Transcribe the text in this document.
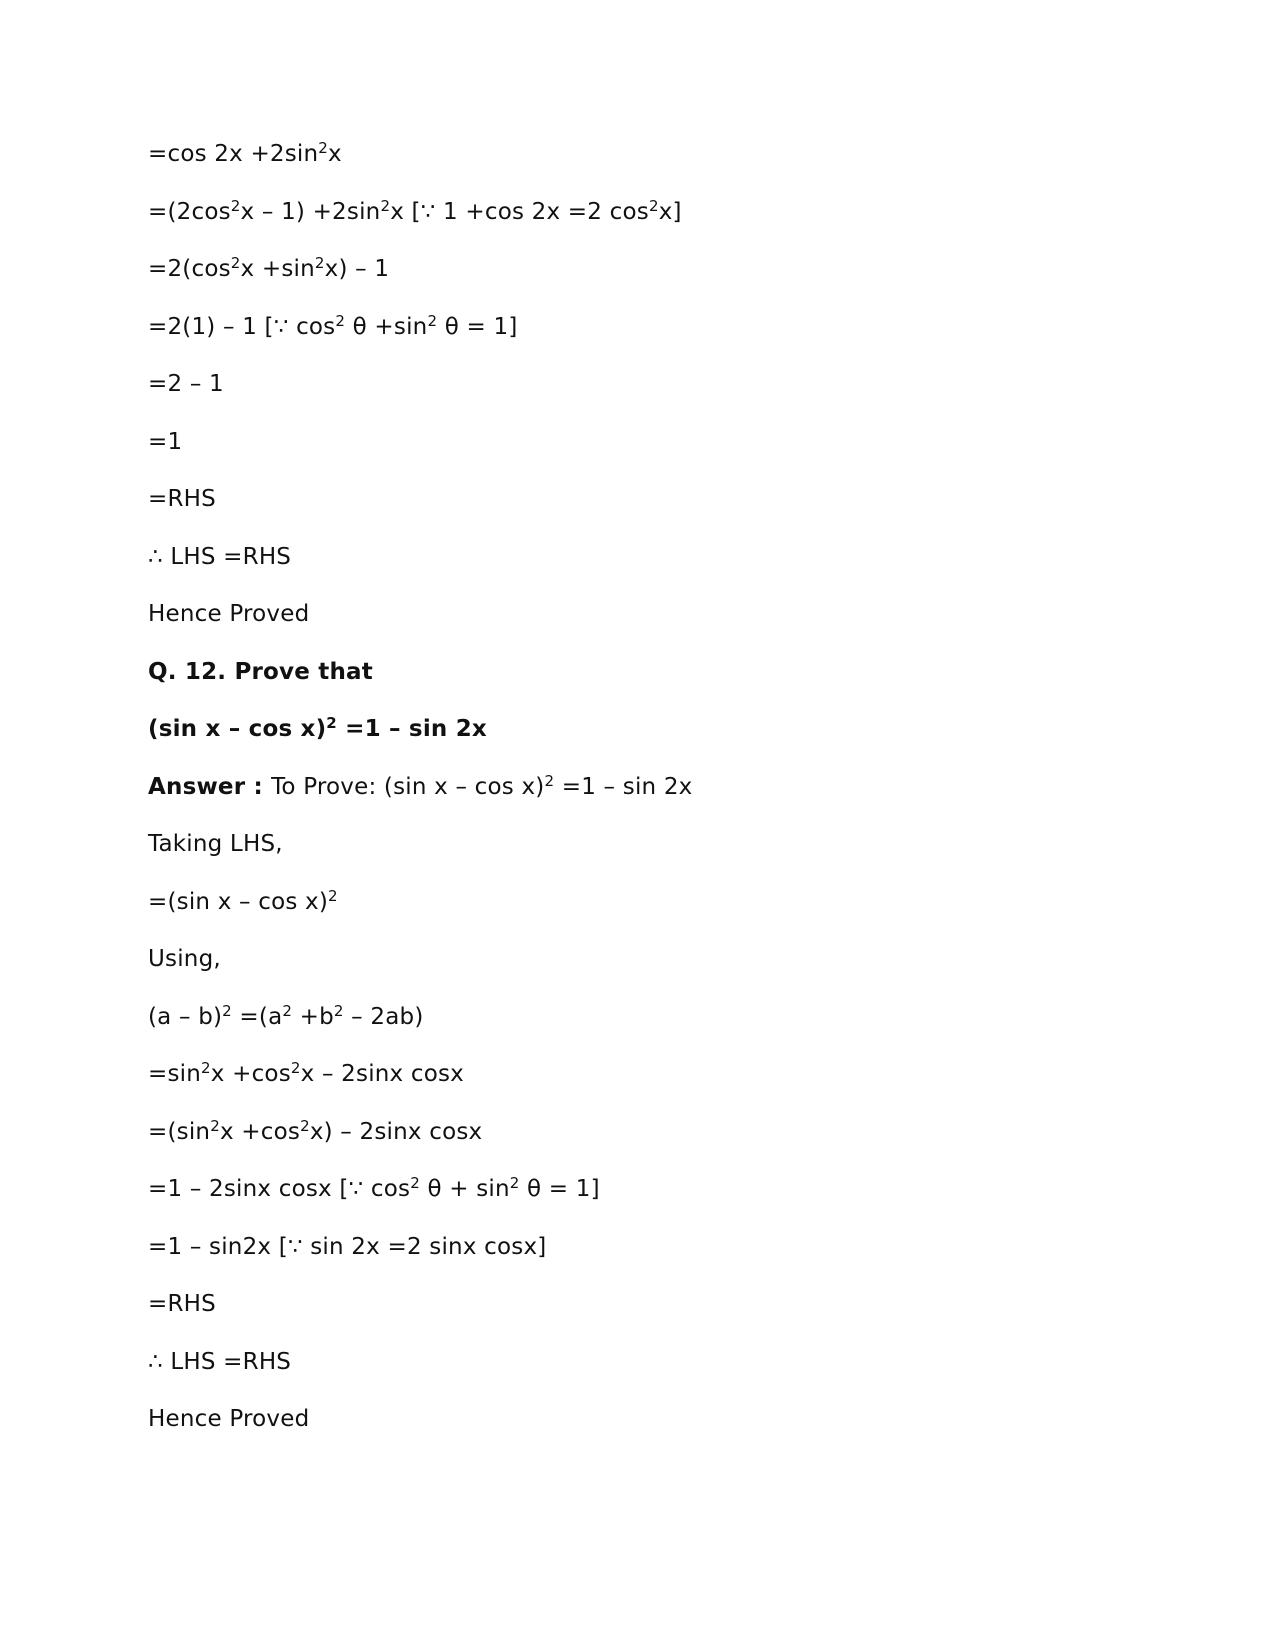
=cos $2x +2\sin^2x$
$=(2\cos^2x - 1) +2\sin^2x$ [∵ 1 +cos 2x =2 $\cos^2x$]
$=2(\cos^2x +\sin^2x) - 1$
=2(1) – 1 [∵ $\cos^2 \theta +\sin^2$ θ = 1]
=2 – 1
=1
=RHS
∴ LHS =RHS
Hence Proved
Q. 12. Prove that
(sin x – cos x)$^2$ =1 – sin 2x
Answer : To Prove: (sin x – cos x)$^2$ =1 – sin 2x
Taking LHS,
=(sin x – cos x)$^2$
Using,
$(a - b)^2 =(a^2 +b^2 - 2ab)$
$=\sin^2x +\cos^2x - 2\sin x$ cosx
$=(\sin^2x +\cos^2x) - 2\sin x$ cosx
=1 – 2sinx cosx [∵ $\cos^2 \theta + \sin^2 \theta = 1$]
=1 – sin2x [∵ sin 2x =2 sinx cosx]
=RHS
∴ LHS =RHS
Hence Proved
